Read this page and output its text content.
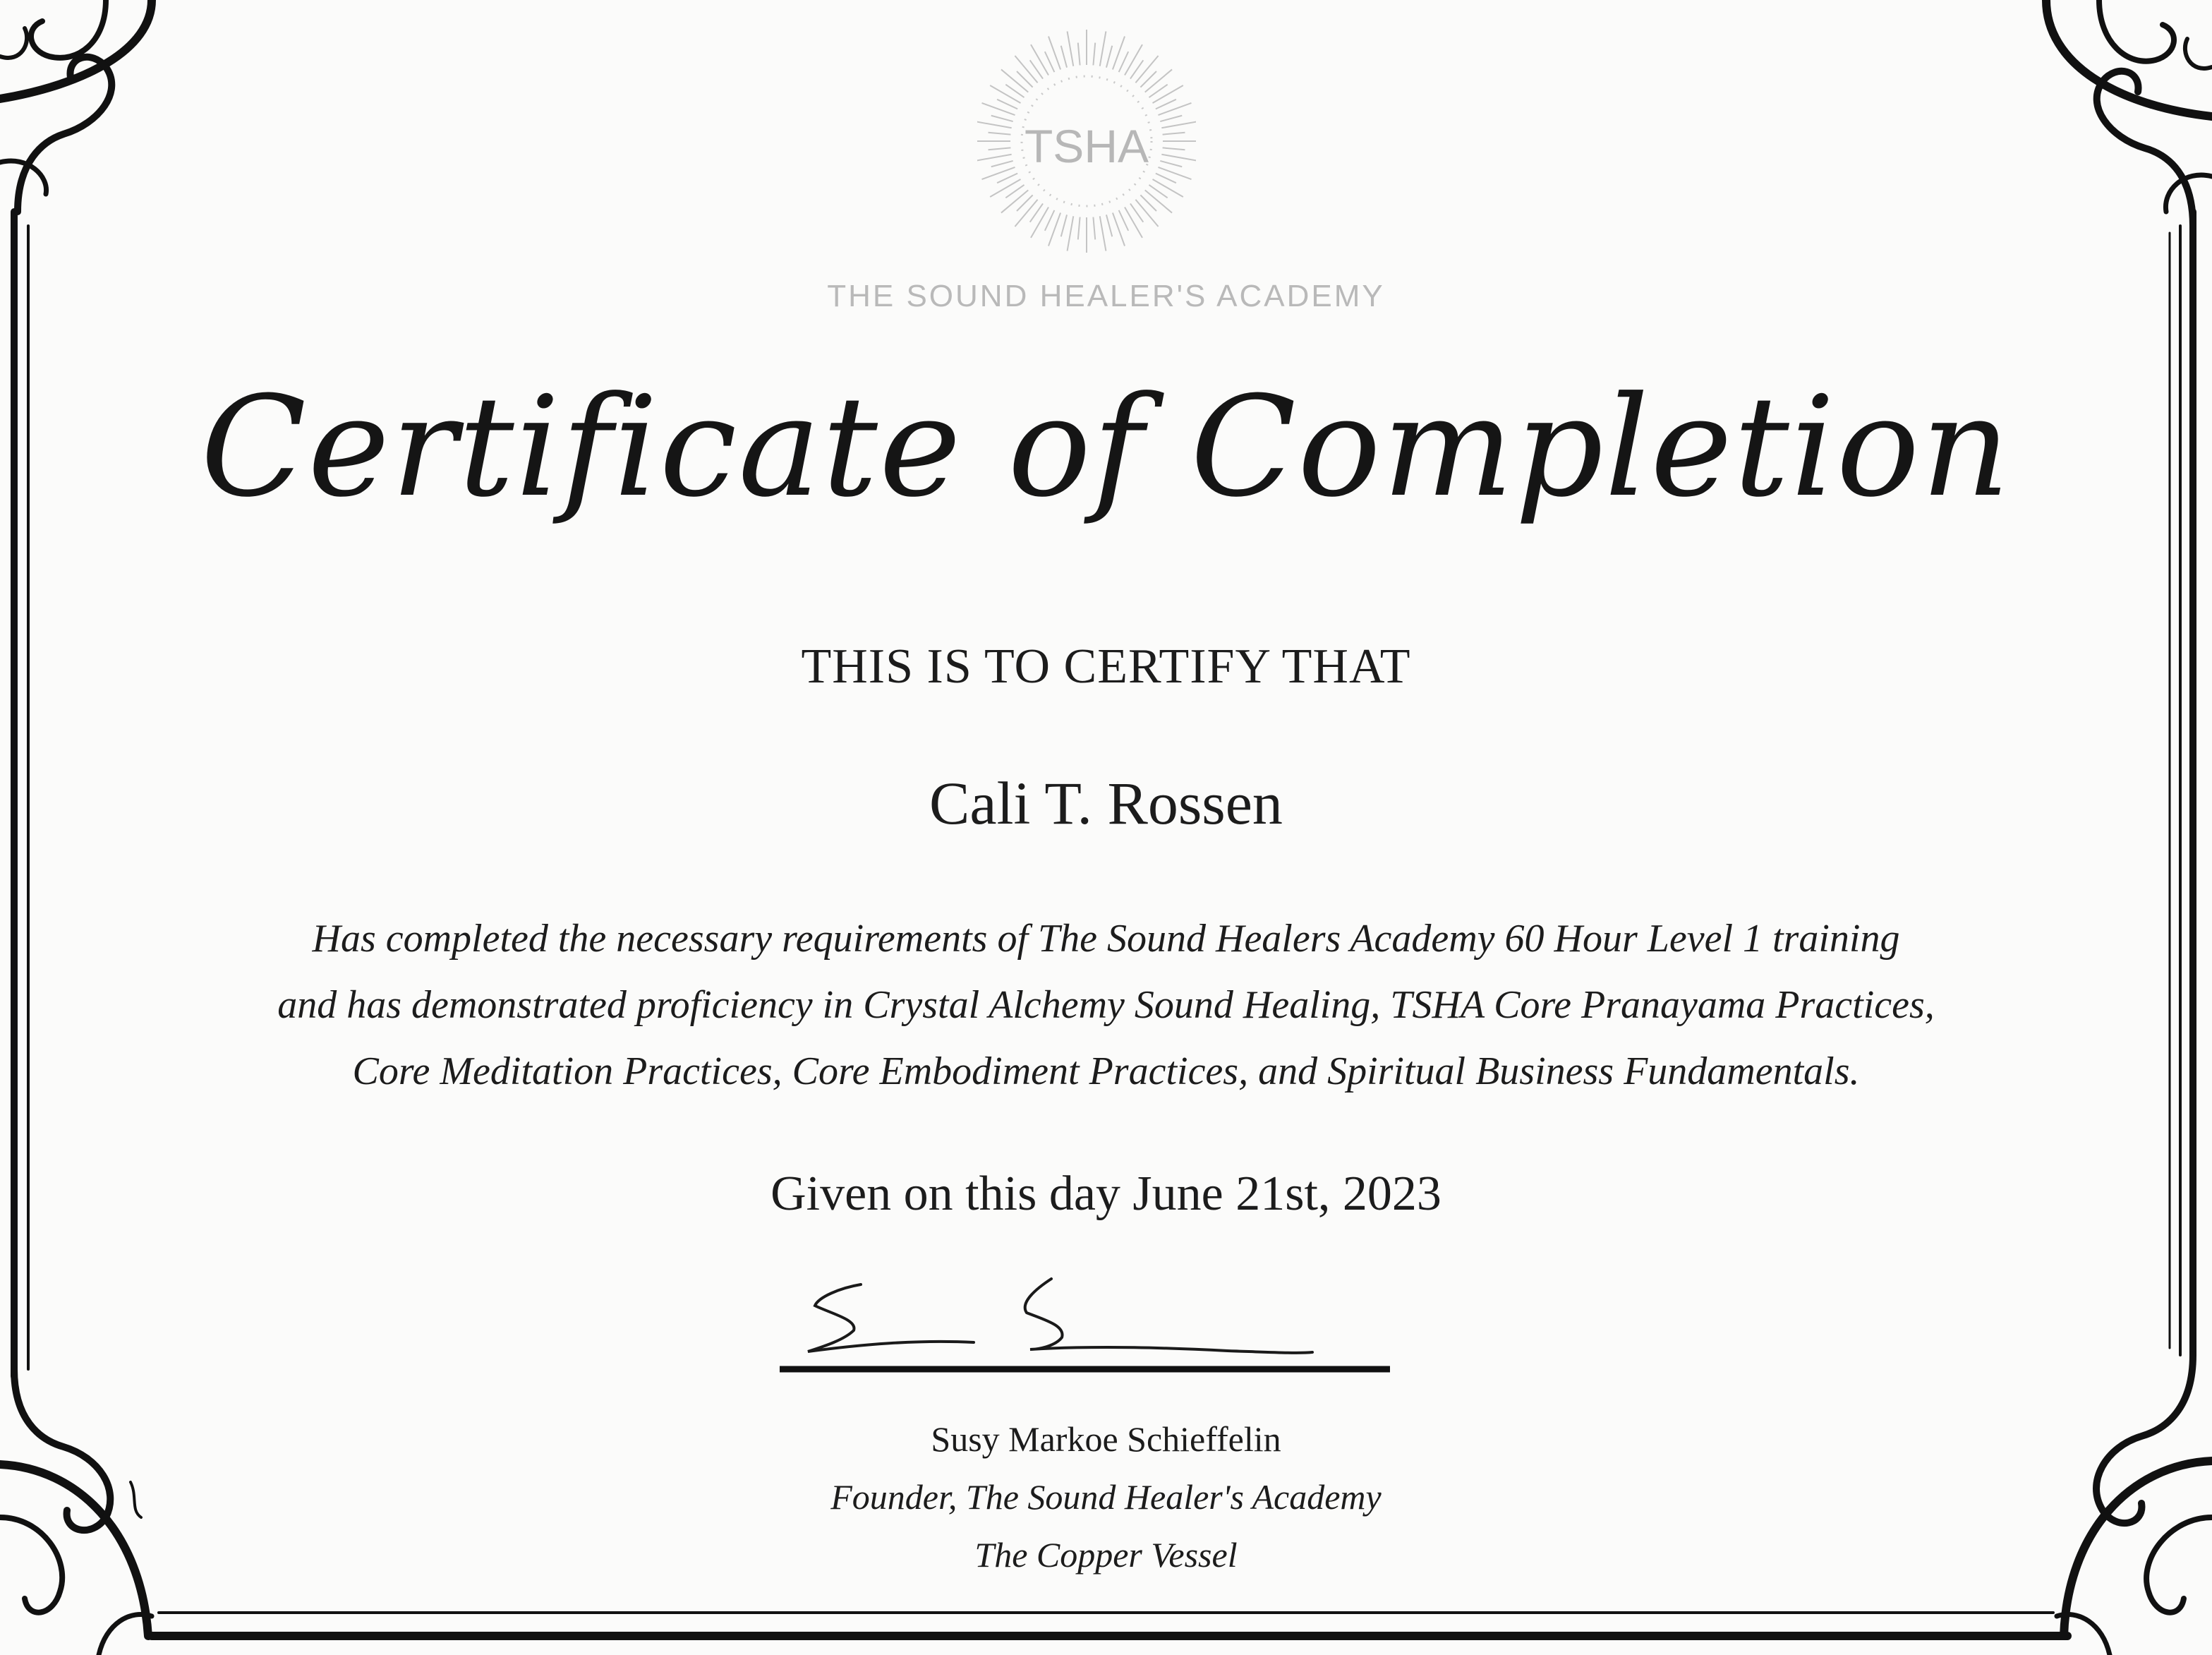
TSHA
THE SOUND HEALER'S ACADEMY
Certificate of Completion
THIS IS TO CERTIFY THAT
Cali T. Rossen
Has completed the necessary requirements of The Sound Healers Academy 60 Hour Level 1 training
and has demonstrated proficiency in Crystal Alchemy Sound Healing, TSHA Core Pranayama Practices,
Core Meditation Practices, Core Embodiment Practices, and Spiritual Business Fundamentals.
Given on this day June 21st, 2023
Susy Markoe Schieffelin
Founder, The Sound Healer's Academy
The Copper Vessel
